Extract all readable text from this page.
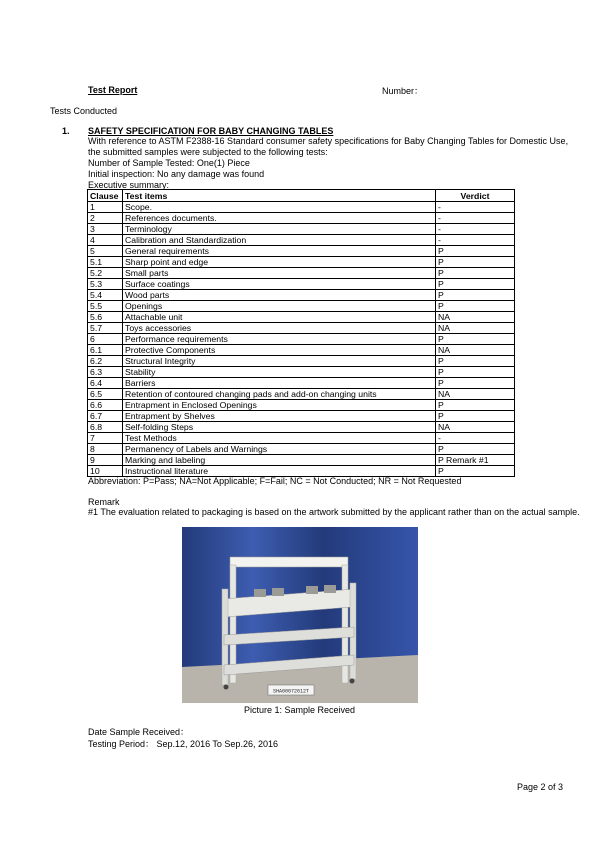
Test Report	Number：
Tests Conducted
1. SAFETY SPECIFICATION FOR BABY CHANGING TABLES
With reference to ASTM F2388-16 Standard consumer safety specifications for Baby Changing Tables for Domestic Use,
the submitted samples were subjected to the following tests:
Number of Sample Tested: One(1) Piece
Initial inspection: No any damage was found
Executive summary:
Clause	Test items	Verdict
1	Scope.	-
2	References documents.	-
3	Terminology	-
4	Calibration and Standardization	-
5	General requirements	P
5.1	Sharp point and edge	P
5.2	Small parts	P
5.3	Surface coatings	P
5.4	Wood parts	P
5.5	Openings	P
5.6	Attachable unit	NA
5.7	Toys accessories	NA
6	Performance requirements	P
6.1	Protective Components	NA
6.2	Structural Integrity	P
6.3	Stability	P
6.4	Barriers	P
6.5	Retention of contoured changing pads and add-on changing units	NA
6.6	Entrapment in Enclosed Openings	P
6.7	Entrapment by Shelves	P
6.8	Self-folding Steps	NA
7	Test Methods	-
8	Permanency of Labels and Warnings	P
9	Marking and labeling	P Remark #1
10	Instructional literature	P
Abbreviation: P=Pass; NA=Not Applicable; F=Fail; NC = Not Conducted; NR = Not Requested
Remark
#1 The evaluation related to packaging is based on the artwork submitted by the applicant rather than on the actual sample.
SHA00072612T
Picture 1: Sample Received
Date Sample Received：
Testing Period： Sep.12, 2016 To Sep.26, 2016
Page 2 of 3
